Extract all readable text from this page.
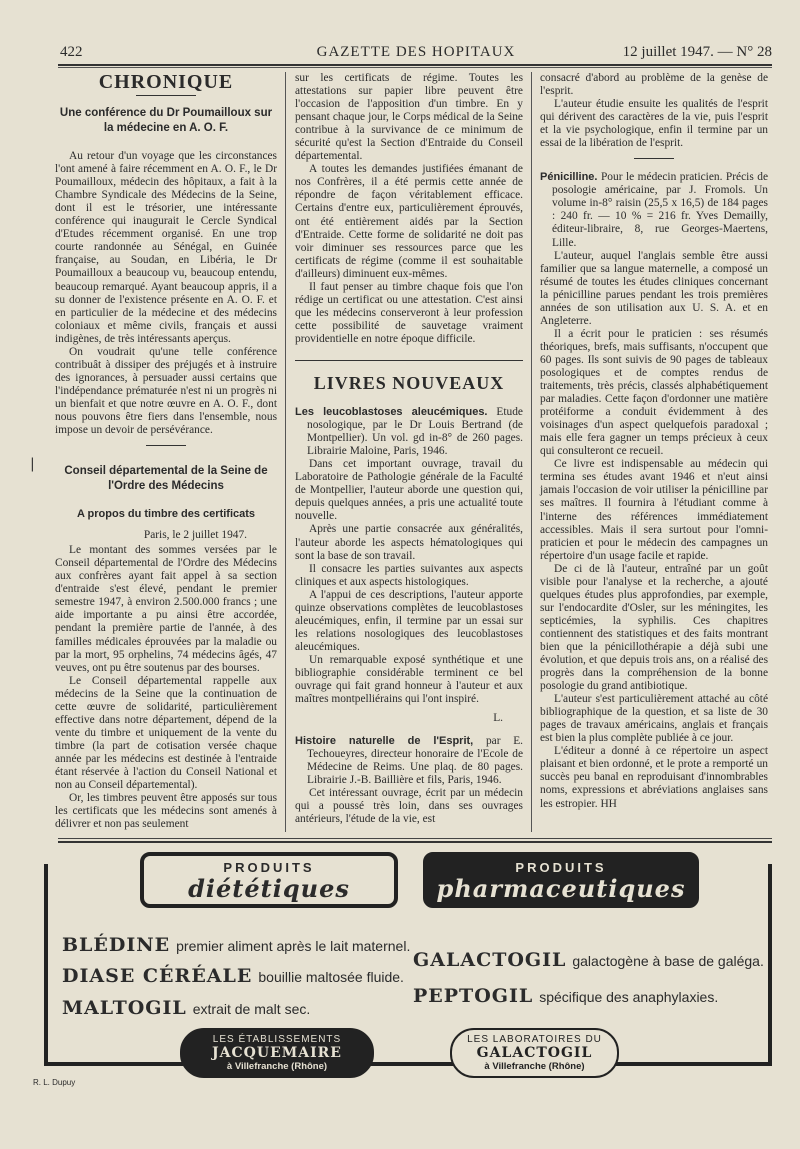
422	GAZETTE DES HOPITAUX	12 juillet 1947. — N° 28
|
CHRONIQUE
Une conférence du Dr Poumailloux sur la médecine en A. O. F.

Au retour d'un voyage que les circonstances l'ont amené à faire récemment en A. O. F., le Dr Poumailloux, médecin des hôpitaux, a fait à la Chambre Syndicale des Médecins de la Seine, dont il est le trésorier, une intéressante conférence qui inaugurait le Cercle Syndical d'Etudes récemment organisé. En une trop courte randonnée au Sénégal, en Guinée française, au Soudan, en Libéria, le Dr Poumailloux a beaucoup vu, beaucoup entendu, beaucoup remarqué. Ayant beaucoup appris, il a su donner de l'existence présente en A. O. F. et en particulier de la médecine et des médecins coloniaux et même civils, français et aussi indigènes, de très intéressants aperçus.

On voudrait qu'une telle conférence contribuât à dissiper des préjugés et à instruire des ignorances, à persuader aussi certains que l'indépendance prématurée n'est ni un progrès ni un bienfait et que notre œuvre en A. O. F., dont nous pouvons être fiers dans l'ensemble, nous impose un devoir de persévérance.

Conseil départemental de la Seine de l'Ordre des Médecins
A propos du timbre des certificats
Paris, le 2 juillet 1947.

Le montant des sommes versées par le Conseil départemental de l'Ordre des Médecins aux confrères ayant fait appel à sa section d'entraide s'est élevé, pendant le premier semestre 1947, à environ 2.500.000 francs ; une aide importante a pu ainsi être accordée, pendant la première partie de l'année, à des familles médicales éprouvées par la maladie ou par la mort, 95 orphelins, 74 médecins âgés, 47 veuves, ont pu être soutenus par des bourses.

Le Conseil départemental rappelle aux médecins de la Seine que la continuation de cette œuvre de solidarité, particulièrement effective dans notre département, dépend de la vente du timbre et uniquement de la vente du timbre (la part de cotisation versée chaque année par les médecins est destinée à l'entraide étant réservée à l'action du Conseil National et non au Conseil départemental).

Or, les timbres peuvent être apposés sur tous les certificats que les médecins sont amenés à délivrer et non pas seulement

sur les certificats de régime. Toutes les attestations sur papier libre peuvent être l'occasion de l'apposition d'un timbre. En y pensant chaque jour, le Corps médical de la Seine contribue à la survivance de ce minimum de sécurité qu'est la Section d'Entraide du Conseil départemental.

A toutes les demandes justifiées émanant de nos Confrères, il a été permis cette année de répondre de façon véritablement efficace. Certains d'entre eux, particulièrement éprouvés, ont été entièrement aidés par la Section d'Entraide. Cette forme de solidarité ne doit pas voir diminuer ses ressources parce que les certificats de régime (comme il est souhaitable d'ailleurs) diminuent eux-mêmes.

Il faut penser au timbre chaque fois que l'on rédige un certificat ou une attestation. C'est ainsi que les médecins conserveront à leur profession cette possibilité de sauvetage vraiment providentielle en notre époque difficile.

LIVRES NOUVEAUX

Les leucoblastoses aleucémiques. Etude nosologique, par le Dr Louis Bertrand (de Montpellier). Un vol. gd in-8° de 260 pages. Librairie Maloine, Paris, 1946.

Dans cet important ouvrage, travail du Laboratoire de Pathologie générale de la Faculté de Montpellier, l'auteur aborde une question qui, depuis quelques années, a pris une actualité toute nouvelle.

Après une partie consacrée aux généralités, l'auteur aborde les aspects hématologiques qui sont la base de son travail.

Il consacre les parties suivantes aux aspects cliniques et aux aspects histologiques.

A l'appui de ces descriptions, l'auteur apporte quinze observations complètes de leucoblastoses aleucémiques, enfin, il termine par un essai sur les relations nosologiques des leucoblastoses aleucémiques.

Un remarquable exposé synthétique et une bibliographie considérable terminent ce bel ouvrage qui fait grand honneur à l'auteur et aux maîtres montpelliérains qui l'ont inspiré.

L.

Histoire naturelle de l'Esprit, par E. Techoueyres, directeur honoraire de l'Ecole de Médecine de Reims. Une plaq. de 80 pages. Librairie J.-B. Baillière et fils, Paris, 1946.

Cet intéressant ouvrage, écrit par un médecin qui a poussé très loin, dans ses ouvrages antérieurs, l'étude de la vie, est

consacré d'abord au problème de la genèse de l'esprit.

L'auteur étudie ensuite les qualités de l'esprit qui dérivent des caractères de la vie, puis l'esprit et la vie psychologique, enfin il termine par un essai de la libération de l'esprit.

Pénicilline. Pour le médecin praticien. Précis de posologie américaine, par J. Fromols. Un volume in-8° raisin (25,5 x 16,5) de 184 pages : 240 fr. — 10 % = 216 fr. Yves Demailly, éditeur-libraire, 8, rue Georges-Maertens, Lille.

L'auteur, auquel l'anglais semble être aussi familier que sa langue maternelle, a composé un résumé de toutes les études cliniques concernant la pénicilline parues pendant les trois premières années de son utilisation aux U. S. A. et en Angleterre.

Il a écrit pour le praticien : ses résumés théoriques, brefs, mais suffisants, n'occupent que 60 pages. Ils sont suivis de 90 pages de tableaux posologiques et de comptes rendus de traitements, très précis, classés alphabétiquement par maladies. Cette façon d'ordonner une matière protéiforme a conduit évidemment à des voisinages d'un aspect quelquefois paradoxal ; mais elle fera gagner un temps précieux à ceux qui consulteront ce recueil.

Ce livre est indispensable au médecin qui termina ses études avant 1946 et n'eut ainsi jamais l'occasion de voir utiliser la pénicilline par ses maîtres. Il fournira à l'étudiant comme à l'interne des références immédiatement accessibles. Mais il sera surtout pour l'omni-praticien et pour le médecin des campagnes un répertoire d'un usage facile et rapide.

De ci de là l'auteur, entraîné par un goût visible pour l'analyse et la recherche, a ajouté quelques études plus approfondies, par exemple, sur l'endocardite d'Osler, sur les méningites, les septicémies, la syphilis. Ces chapitres contiennent des statistiques et des faits montrant bien que la pénicillothérapie a déjà subi une évolution, et que depuis trois ans, on a réalisé des progrès dans la compréhension de la bonne posologie du grand antibiotique.

L'auteur s'est particulièrement attaché au côté bibliographique de la question, et sa liste de 30 pages de travaux américains, anglais et français est bien la plus complète publiée à ce jour.

L'éditeur a donné à ce répertoire un aspect plaisant et bien ordonné, et le prote a remporté un succès peu banal en reproduisant d'innombrables noms, expressions et abréviations anglaises sans les estropier. HH

PRODUITS
diététiques
PRODUITS
pharmaceutiques
BLÉDINE premier aliment après le lait maternel.
DIASE CÉRÉALE bouillie maltosée fluide.
MALTOGIL extrait de malt sec.
GALACTOGIL galactogène à base de galéga.
PEPTOGIL spécifique des anaphylaxies.
LES ÉTABLISSEMENTS
JACQUEMAIRE
à Villefranche (Rhône)
LES LABORATOIRES DU
GALACTOGIL
à Villefranche (Rhône)
R. L. Dupuy
